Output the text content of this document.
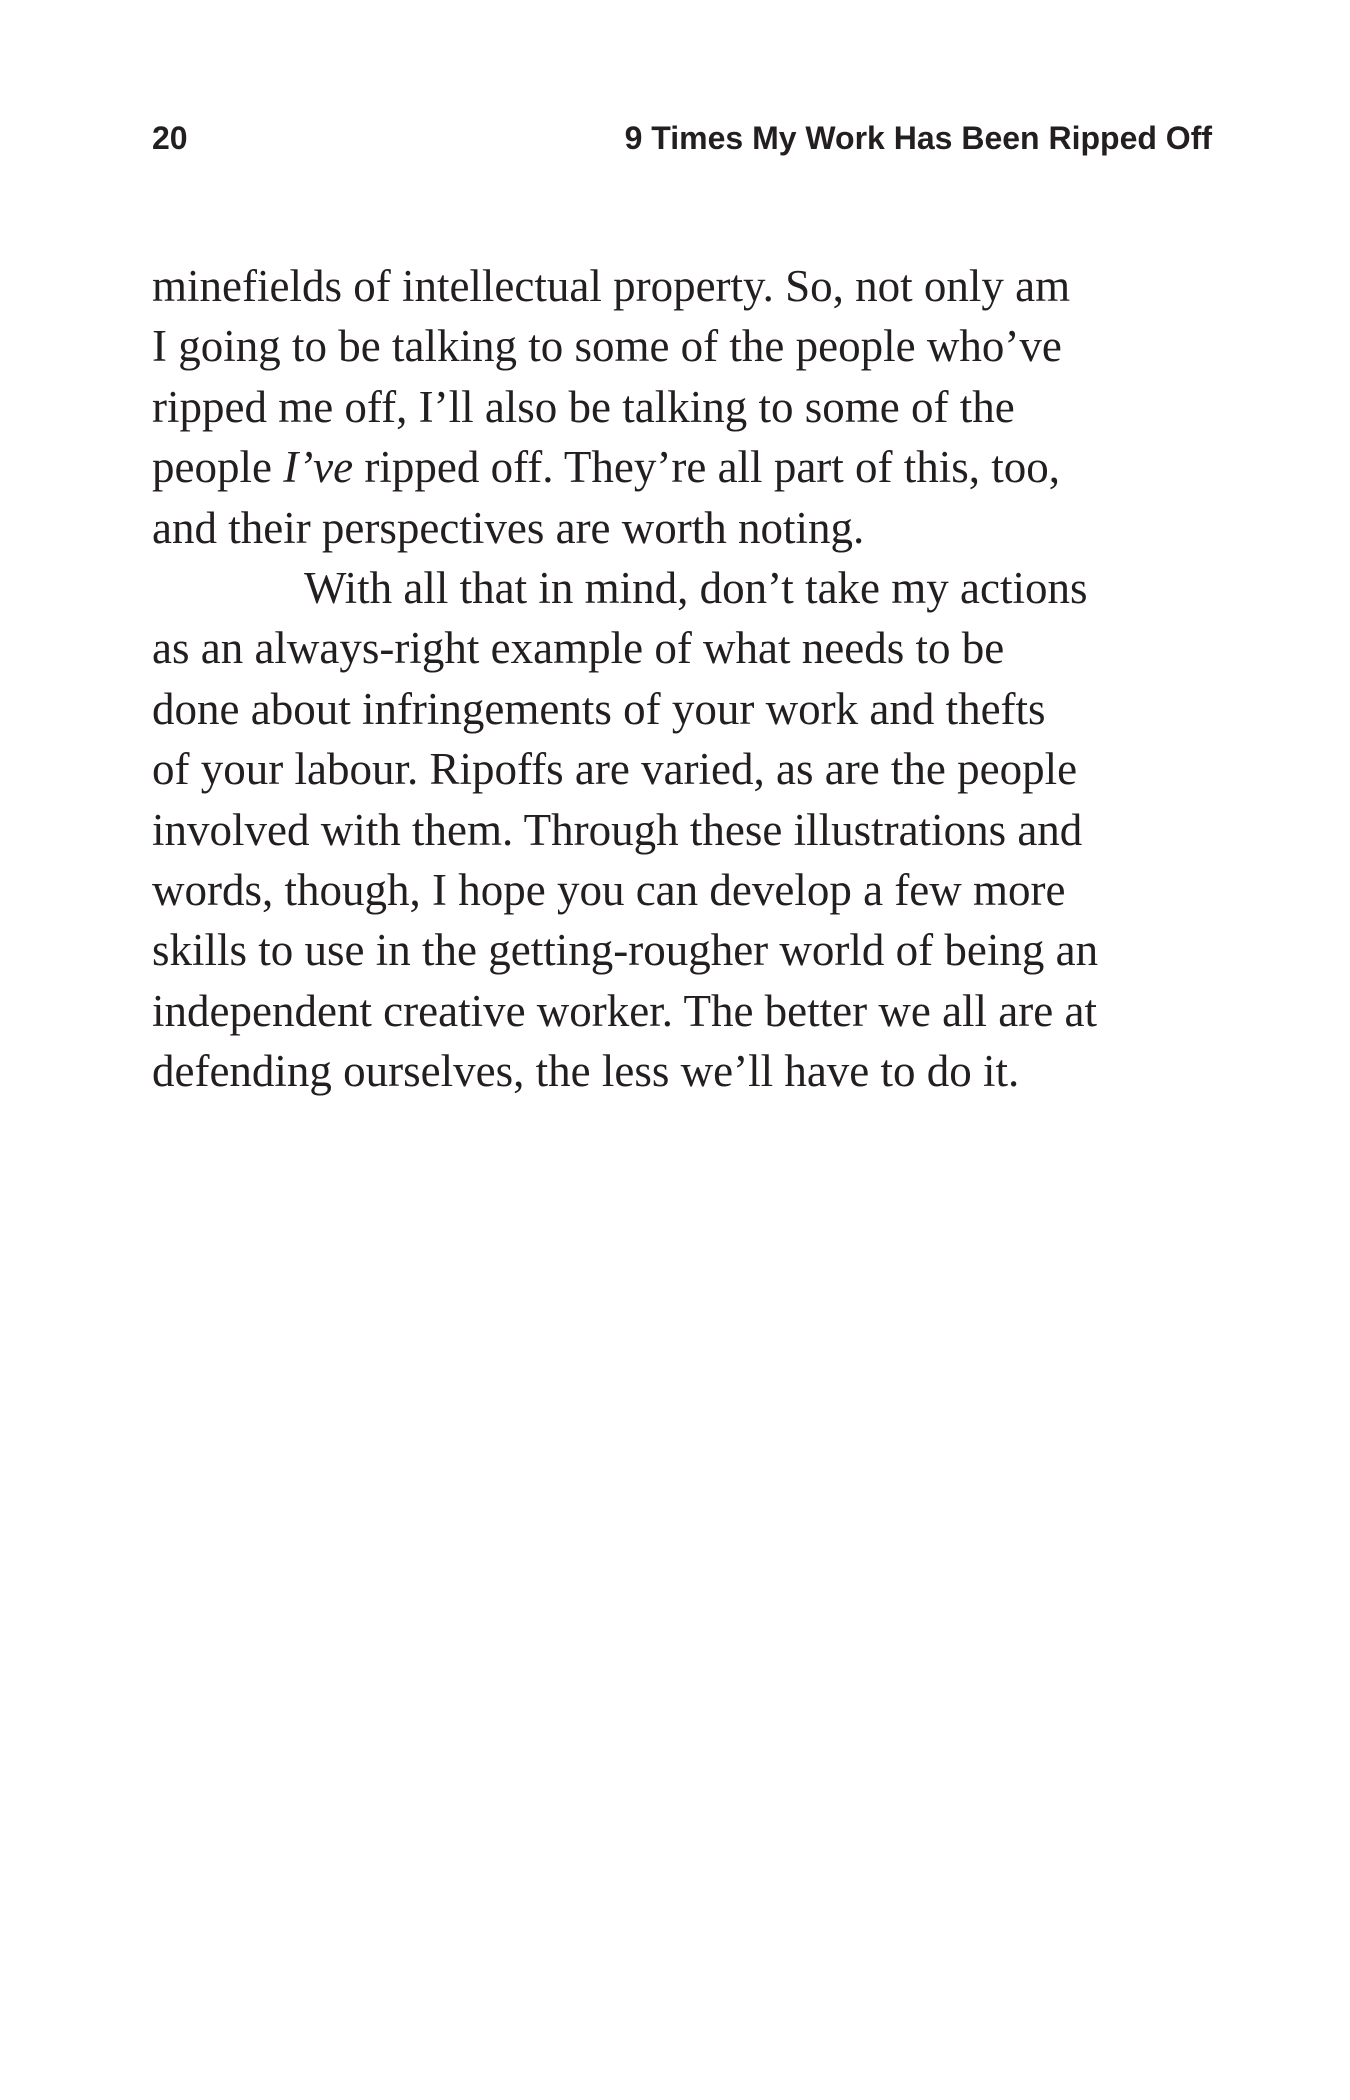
20	9 Times My Work Has Been Ripped Off

minefields of intellectual property. So, not only am
I going to be talking to some of the people who’ve
ripped me off, I’ll also be talking to some of the
people I’ve ripped off. They’re all part of this, too,
and their perspectives are worth noting.

With all that in mind, don’t take my actions
as an always-right example of what needs to be
done about infringements of your work and thefts
of your labour. Ripoffs are varied, as are the people
involved with them. Through these illustrations and
words, though, I hope you can develop a few more
skills to use in the getting-rougher world of being an
independent creative worker. The better we all are at
defending ourselves, the less we’ll have to do it.
